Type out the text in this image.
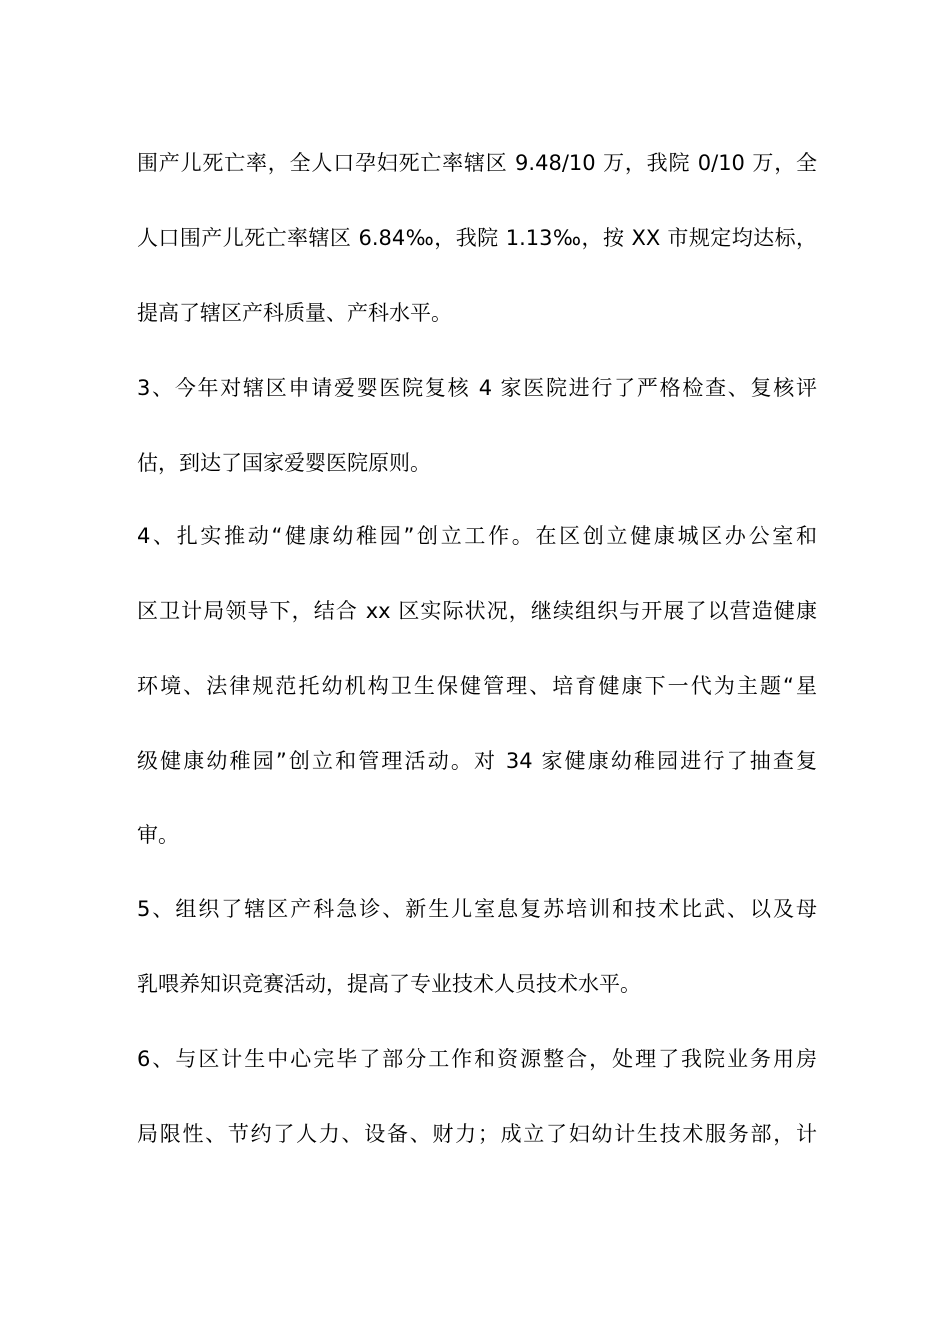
围产儿死亡率，全人口孕妇死亡率辖区 9.48/10 万，我院 0/10 万，全
人口围产儿死亡率辖区 6.84‰，我院 1.13‰，按 XX 市规定均达标，
提高了辖区产科质量、产科水平。
3、今年对辖区申请爱婴医院复核 4 家医院进行了严格检查、复核评
估，到达了国家爱婴医院原则。
4、扎实推动“健康幼稚园”创立工作。在区创立健康城区办公室和
区卫计局领导下，结合 xx 区实际状况，继续组织与开展了以营造健康
环境、法律规范托幼机构卫生保健管理、培育健康下一代为主题“星
级健康幼稚园”创立和管理活动。对 34 家健康幼稚园进行了抽查复
审。
5、组织了辖区产科急诊、新生儿室息复苏培训和技术比武、以及母
乳喂养知识竞赛活动，提高了专业技术人员技术水平。
6、与区计生中心完毕了部分工作和资源整合，处理了我院业务用房
局限性、节约了人力、设备、财力；成立了妇幼计生技术服务部，计
